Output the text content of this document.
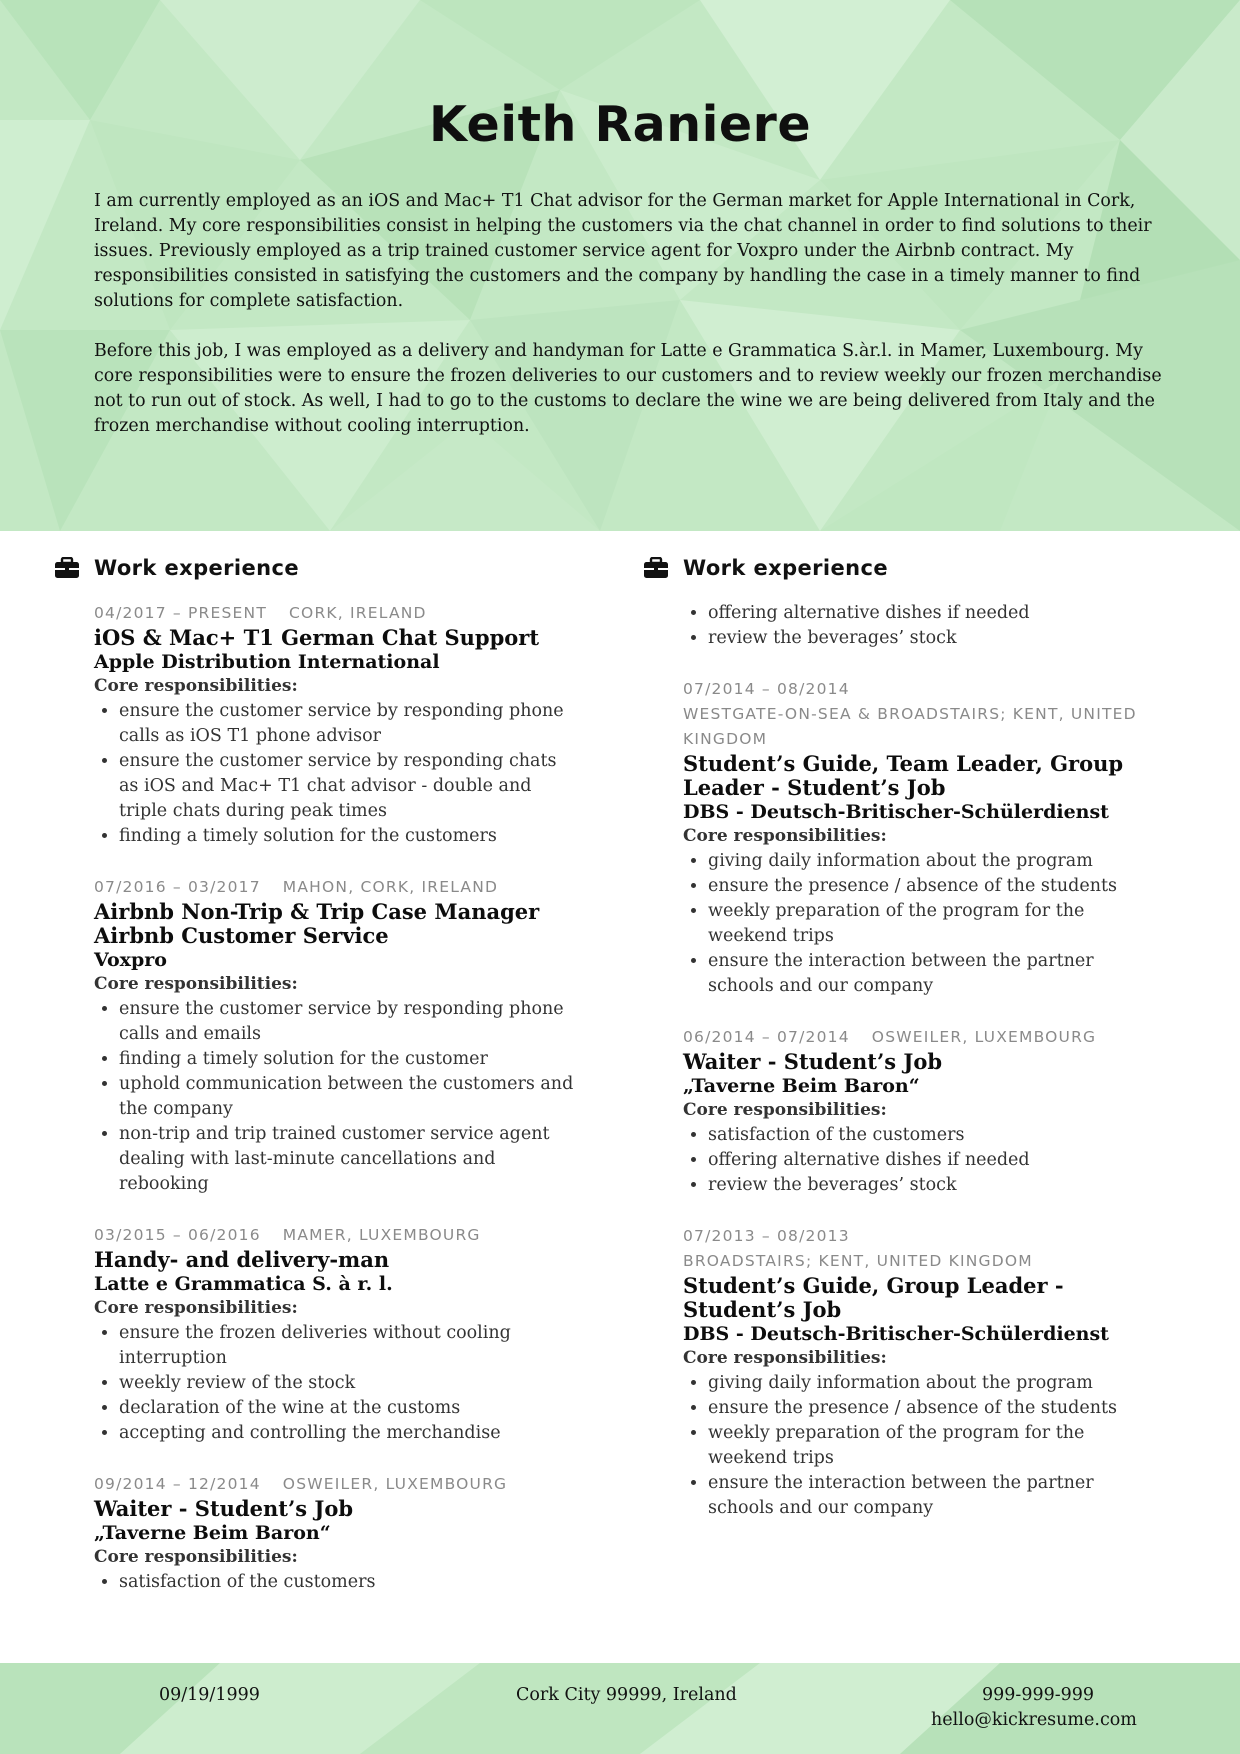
Keith Raniere

I am currently employed as an iOS and Mac+ T1 Chat advisor for the German market for Apple International in Cork, Ireland. My core responsibilities consist in helping the customers via the chat channel in order to find solutions to their issues. Previously employed as a trip trained customer service agent for Voxpro under the Airbnb contract. My responsibilities consisted in satisfying the customers and the company by handling the case in a timely manner to find solutions for complete satisfaction.

Before this job, I was employed as a delivery and handyman for Latte e Grammatica S.àr.l. in Mamer, Luxembourg. My core responsibilities were to ensure the frozen deliveries to our customers and to review weekly our frozen merchandise not to run out of stock. As well, I had to go to the customs to declare the wine we are being delivered from Italy and the frozen merchandise without cooling interruption.

Work experience
04/2017 – PRESENT CORK, IRELAND
iOS & Mac+ T1 German Chat Support
Apple Distribution International
Core responsibilities:
• ensure the customer service by responding phone calls as iOS T1 phone advisor
• ensure the customer service by responding chats as iOS and Mac+ T1 chat advisor - double and triple chats during peak times
• finding a timely solution for the customers
07/2016 – 03/2017 MAHON, CORK, IRELAND
Airbnb Non-Trip & Trip Case Manager Airbnb Customer Service
Voxpro
Core responsibilities:
• ensure the customer service by responding phone calls and emails
• finding a timely solution for the customer
• uphold communication between the customers and the company
• non-trip and trip trained customer service agent dealing with last-minute cancellations and rebooking
03/2015 – 06/2016 MAMER, LUXEMBOURG
Handy- and delivery-man
Latte e Grammatica S. à r. l.
Core responsibilities:
• ensure the frozen deliveries without cooling interruption
• weekly review of the stock
• declaration of the wine at the customs
• accepting and controlling the merchandise
09/2014 – 12/2014 OSWEILER, LUXEMBOURG
Waiter - Student’s Job
„Taverne Beim Baron“
Core responsibilities:
• satisfaction of the customers
Work experience
• offering alternative dishes if needed
• review the beverages’ stock
07/2014 – 08/2014
WESTGATE-ON-SEA & BROADSTAIRS; KENT, UNITED KINGDOM
Student’s Guide, Team Leader, Group Leader - Student’s Job
DBS - Deutsch-Britischer-Schülerdienst
Core responsibilities:
• giving daily information about the program
• ensure the presence / absence of the students
• weekly preparation of the program for the weekend trips
• ensure the interaction between the partner schools and our company
06/2014 – 07/2014 OSWEILER, LUXEMBOURG
Waiter - Student’s Job
„Taverne Beim Baron“
Core responsibilities:
• satisfaction of the customers
• offering alternative dishes if needed
• review the beverages’ stock
07/2013 – 08/2013
BROADSTAIRS; KENT, UNITED KINGDOM
Student’s Guide, Group Leader - Student’s Job
DBS - Deutsch-Britischer-Schülerdienst
Core responsibilities:
• giving daily information about the program
• ensure the presence / absence of the students
• weekly preparation of the program for the weekend trips
• ensure the interaction between the partner schools and our company
09/19/1999	Cork City 99999, Ireland	999-999-999
hello@kickresume.com
